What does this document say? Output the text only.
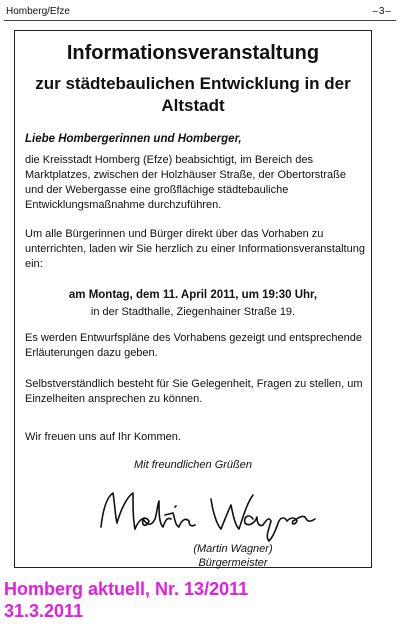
Homberg/Efze	–3–
Informationsveranstaltung
zur städtebaulichen Entwicklung in der Altstadt
Liebe Hombergerinnen und Homberger,
die Kreisstadt Homberg (Efze) beabsichtigt, im Bereich des Marktplatzes, zwischen der Holzhäuser Straße, der Obertorstraße und der Webergasse eine großflächige städtebauliche Entwicklungsmaßnahme durchzuführen.
Um alle Bürgerinnen und Bürger direkt über das Vorhaben zu unterrichten, laden wir Sie herzlich zu einer Informationsveranstaltung ein:
am Montag, dem 11. April 2011, um 19:30 Uhr,
in der Stadthalle, Ziegenhainer Straße 19.
Es werden Entwurfspläne des Vorhabens gezeigt und entsprechende Erläuterungen dazu geben.
Selbstverständlich besteht für Sie Gelegenheit, Fragen zu stellen, um Einzelheiten ansprechen zu können.
Wir freuen uns auf Ihr Kommen.
Mit freundlichen Grüßen
(Martin Wagner)
Bürgermeister
Homberg aktuell, Nr. 13/2011
31.3.2011
